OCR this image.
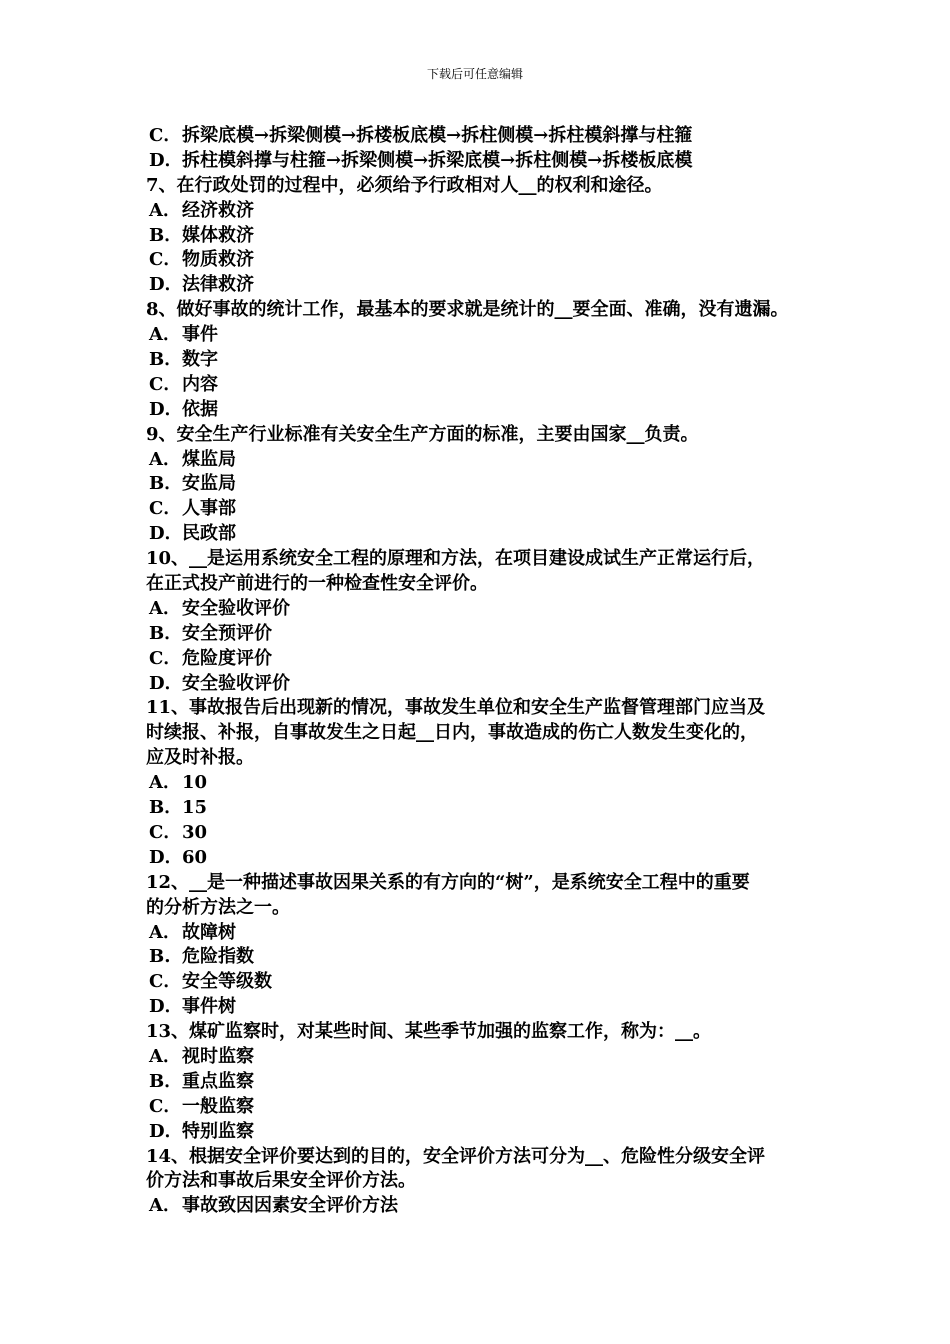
下载后可任意编辑
C．拆梁底模→拆梁侧模→拆楼板底模→拆柱侧模→拆柱模斜撑与柱箍
D．拆柱模斜撑与柱箍→拆梁侧模→拆梁底模→拆柱侧模→拆楼板底模
7、在行政处罚的过程中，必须给予行政相对人__的权利和途径。
A．经济救济
B．媒体救济
C．物质救济
D．法律救济
8、做好事故的统计工作，最基本的要求就是统计的__要全面、准确，没有遗漏。
A．事件
B．数字
C．内容
D．依据
9、安全生产行业标准有关安全生产方面的标准，主要由国家__负责。
A．煤监局
B．安监局
C．人事部
D．民政部
10、__是运用系统安全工程的原理和方法，在项目建设成试生产正常运行后，
在正式投产前进行的一种检查性安全评价。
A．安全验收评价
B．安全预评价
C．危险度评价
D．安全验收评价
11、事故报告后出现新的情况，事故发生单位和安全生产监督管理部门应当及
时续报、补报，自事故发生之日起__日内，事故造成的伤亡人数发生变化的，
应及时补报。
A．10
B．15
C．30
D．60
12、__是一种描述事故因果关系的有方向的“树”，是系统安全工程中的重要
的分析方法之一。
A．故障树
B. 危险指数
C．安全等级数
D．事件树
13、煤矿监察时，对某些时间、某些季节加强的监察工作，称为：__。
A．视时监察
B．重点监察
C．一般监察
D．特别监察
14、根据安全评价要达到的目的，安全评价方法可分为__、危险性分级安全评
价方法和事故后果安全评价方法。
A．事故致因因素安全评价方法
